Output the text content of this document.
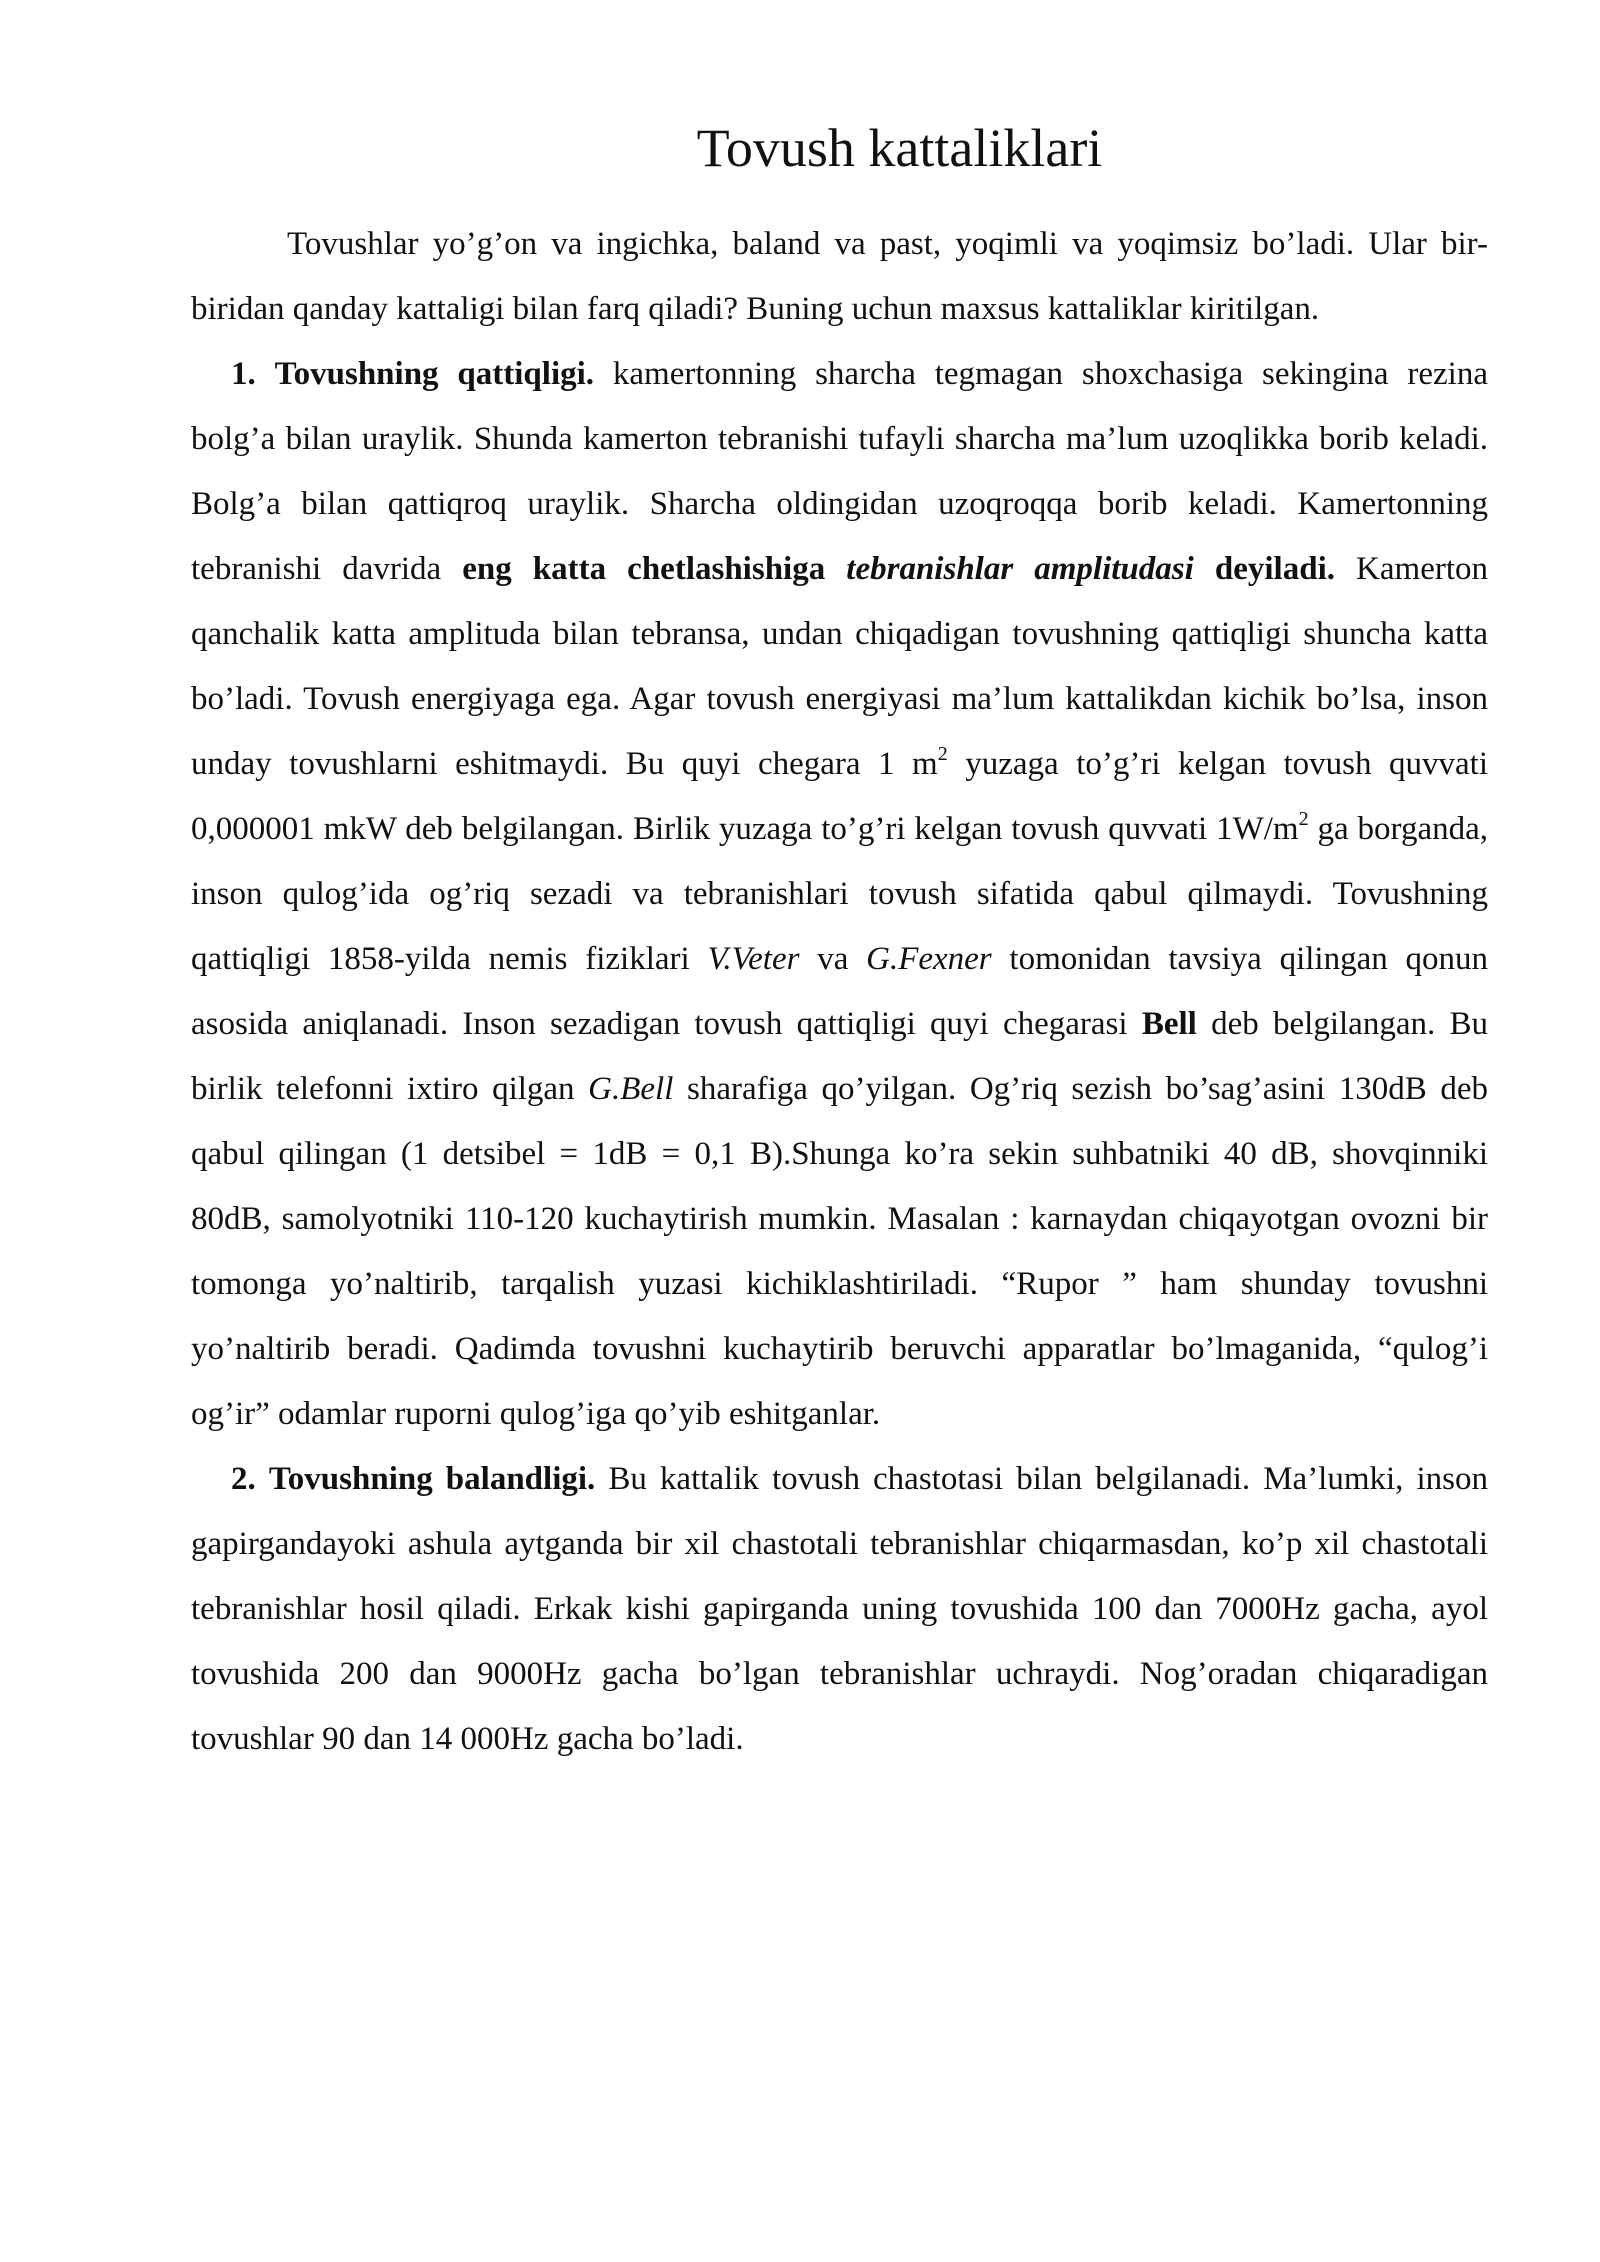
Tovush kattaliklari

Tovushlar yo’g’on va ingichka, baland va past, yoqimli va yoqimsiz bo’ladi. Ular bir-biridan qanday kattaligi bilan farq qiladi? Buning uchun maxsus kattaliklar kiritilgan.

1. Tovushning qattiqligi. kamertonning sharcha tegmagan shoxchasiga sekingina rezina bolg’a bilan uraylik. Shunda kamerton tebranishi tufayli sharcha ma’lum uzoqlikka borib keladi. Bolg’a bilan qattiqroq uraylik. Sharcha oldingidan uzoqroqqa borib keladi. Kamertonning tebranishi davrida eng katta chetlashishiga tebranishlar amplitudasi deyiladi. Kamerton qanchalik katta amplituda bilan tebransa, undan chiqadigan tovushning qattiqligi shuncha katta bo’ladi. Tovush energiyaga ega. Agar tovush energiyasi ma’lum kattalikdan kichik bo’lsa, inson unday tovushlarni eshitmaydi. Bu quyi chegara 1 $m^2$ yuzaga to’g’ri kelgan tovush quvvati 0,000001 mkW deb belgilangan. Birlik yuzaga to’g’ri kelgan tovush quvvati $1W/m^2$ ga borganda, inson qulog’ida og’riq sezadi va tebranishlari tovush sifatida qabul qilmaydi. Tovushning qattiqligi 1858-yilda nemis fiziklari V.Veter va G.Fexner tomonidan tavsiya qilingan qonun asosida aniqlanadi. Inson sezadigan tovush qattiqligi quyi chegarasi Bell deb belgilangan. Bu birlik telefonni ixtiro qilgan G.Bell sharafiga qo’yilgan. Og’riq sezish bo’sag’asini 130dB deb qabul qilingan (1 detsibel = 1dB = 0,1 B).Shunga ko’ra sekin suhbatniki 40 dB, shovqinniki 80dB, samolyotniki 110-120 kuchaytirish mumkin. Masalan : karnaydan chiqayotgan ovozni bir tomonga yo’naltirib, tarqalish yuzasi kichiklashtiriladi. “Rupor ” ham shunday tovushni yo’naltirib beradi. Qadimda tovushni kuchaytirib beruvchi apparatlar bo’lmaganida, “qulog’i og’ir” odamlar ruporni qulog’iga qo’yib eshitganlar.

2. Tovushning balandligi. Bu kattalik tovush chastotasi bilan belgilanadi. Ma’lumki, inson gapirgandayoki ashula aytganda bir xil chastotali tebranishlar chiqarmasdan, ko’p xil chastotali tebranishlar hosil qiladi. Erkak kishi gapirganda uning tovushida 100 dan 7000Hz gacha, ayol tovushida 200 dan 9000Hz gacha bo’lgan tebranishlar uchraydi. Nog’oradan chiqaradigan tovushlar 90 dan 14 000Hz gacha bo’ladi.
